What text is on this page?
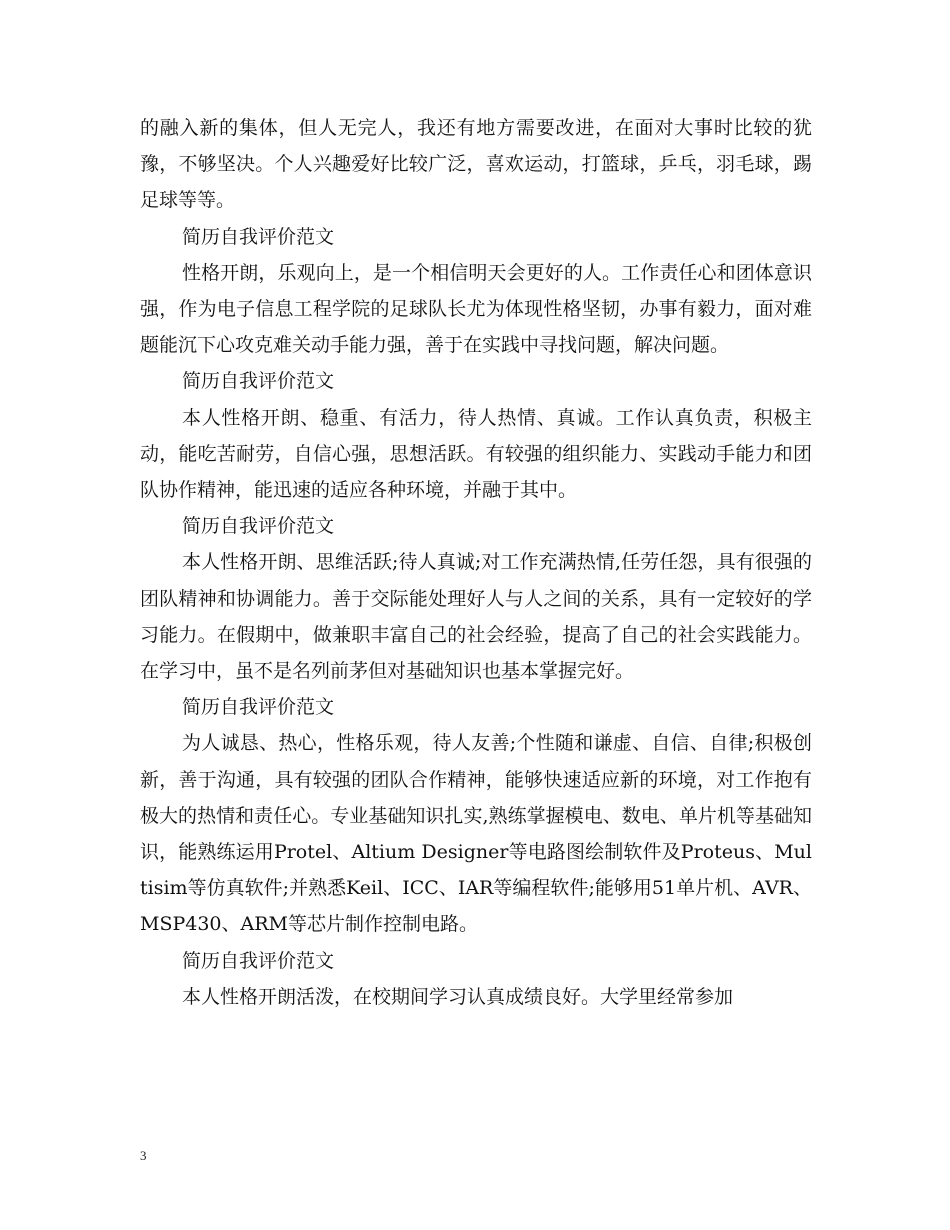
的融入新的集体，但人无完人，我还有地方需要改进，在面对大事时比较的犹豫，不够坚决。个人兴趣爱好比较广泛，喜欢运动，打篮球，乒乓，羽毛球，踢足球等等。

简历自我评价范文

性格开朗，乐观向上，是一个相信明天会更好的人。工作责任心和团体意识强，作为电子信息工程学院的足球队长尤为体现性格坚韧，办事有毅力，面对难题能沉下心攻克难关动手能力强，善于在实践中寻找问题，解决问题。

简历自我评价范文

本人性格开朗、稳重、有活力，待人热情、真诚。工作认真负责，积极主动，能吃苦耐劳，自信心强，思想活跃。有较强的组织能力、实践动手能力和团队协作精神，能迅速的适应各种环境，并融于其中。

简历自我评价范文

本人性格开朗、思维活跃;待人真诚;对工作充满热情,任劳任怨，具有很强的团队精神和协调能力。善于交际能处理好人与人之间的关系，具有一定较好的学习能力。在假期中，做兼职丰富自己的社会经验，提高了自己的社会实践能力。在学习中，虽不是名列前茅但对基础知识也基本掌握完好。

简历自我评价范文

为人诚恳、热心，性格乐观，待人友善;个性随和谦虚、自信、自律;积极创新，善于沟通，具有较强的团队合作精神，能够快速适应新的环境，对工作抱有极大的热情和责任心。专业基础知识扎实,熟练掌握模电、数电、单片机等基础知识，能熟练运用Protel、Altium Designer等电路图绘制软件及Proteus、Multisim等仿真软件;并熟悉Keil、ICC、IAR等编程软件;能够用51单片机、AVR、MSP430、ARM等芯片制作控制电路。

简历自我评价范文

本人性格开朗活泼，在校期间学习认真成绩良好。大学里经常参加

3
